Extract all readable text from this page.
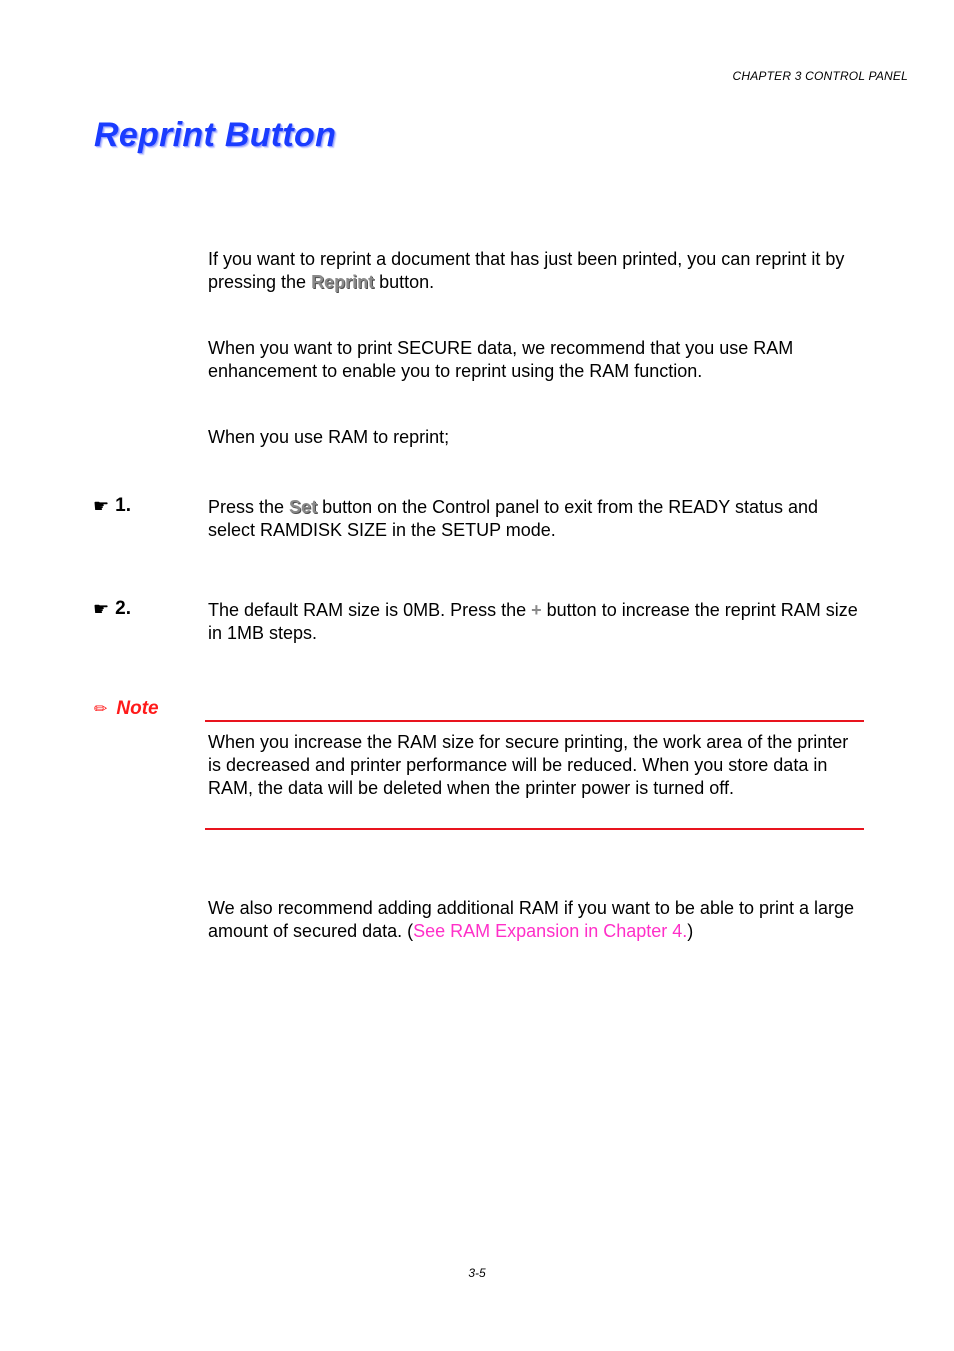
CHAPTER 3 CONTROL PANEL
Reprint Button
If you want to reprint a document that has just been printed, you can reprint it by pressing the Reprint button.
When you want to print SECURE data, we recommend that you use RAM enhancement to enable you to reprint using the RAM function.
When you use RAM to reprint;
☛ 1.	Press the Set button on the Control panel to exit from the READY status and select RAMDISK SIZE in the SETUP mode.
☛ 2.	The default RAM size is 0MB. Press the + button to increase the reprint RAM size in 1MB steps.
✏ Note
When you increase the RAM size for secure printing, the work area of the printer is decreased and printer performance will be reduced. When you store data in RAM, the data will be deleted when the printer power is turned off.
We also recommend adding additional RAM if you want to be able to print a large amount of secured data. (See RAM Expansion in Chapter 4.)
3-5
